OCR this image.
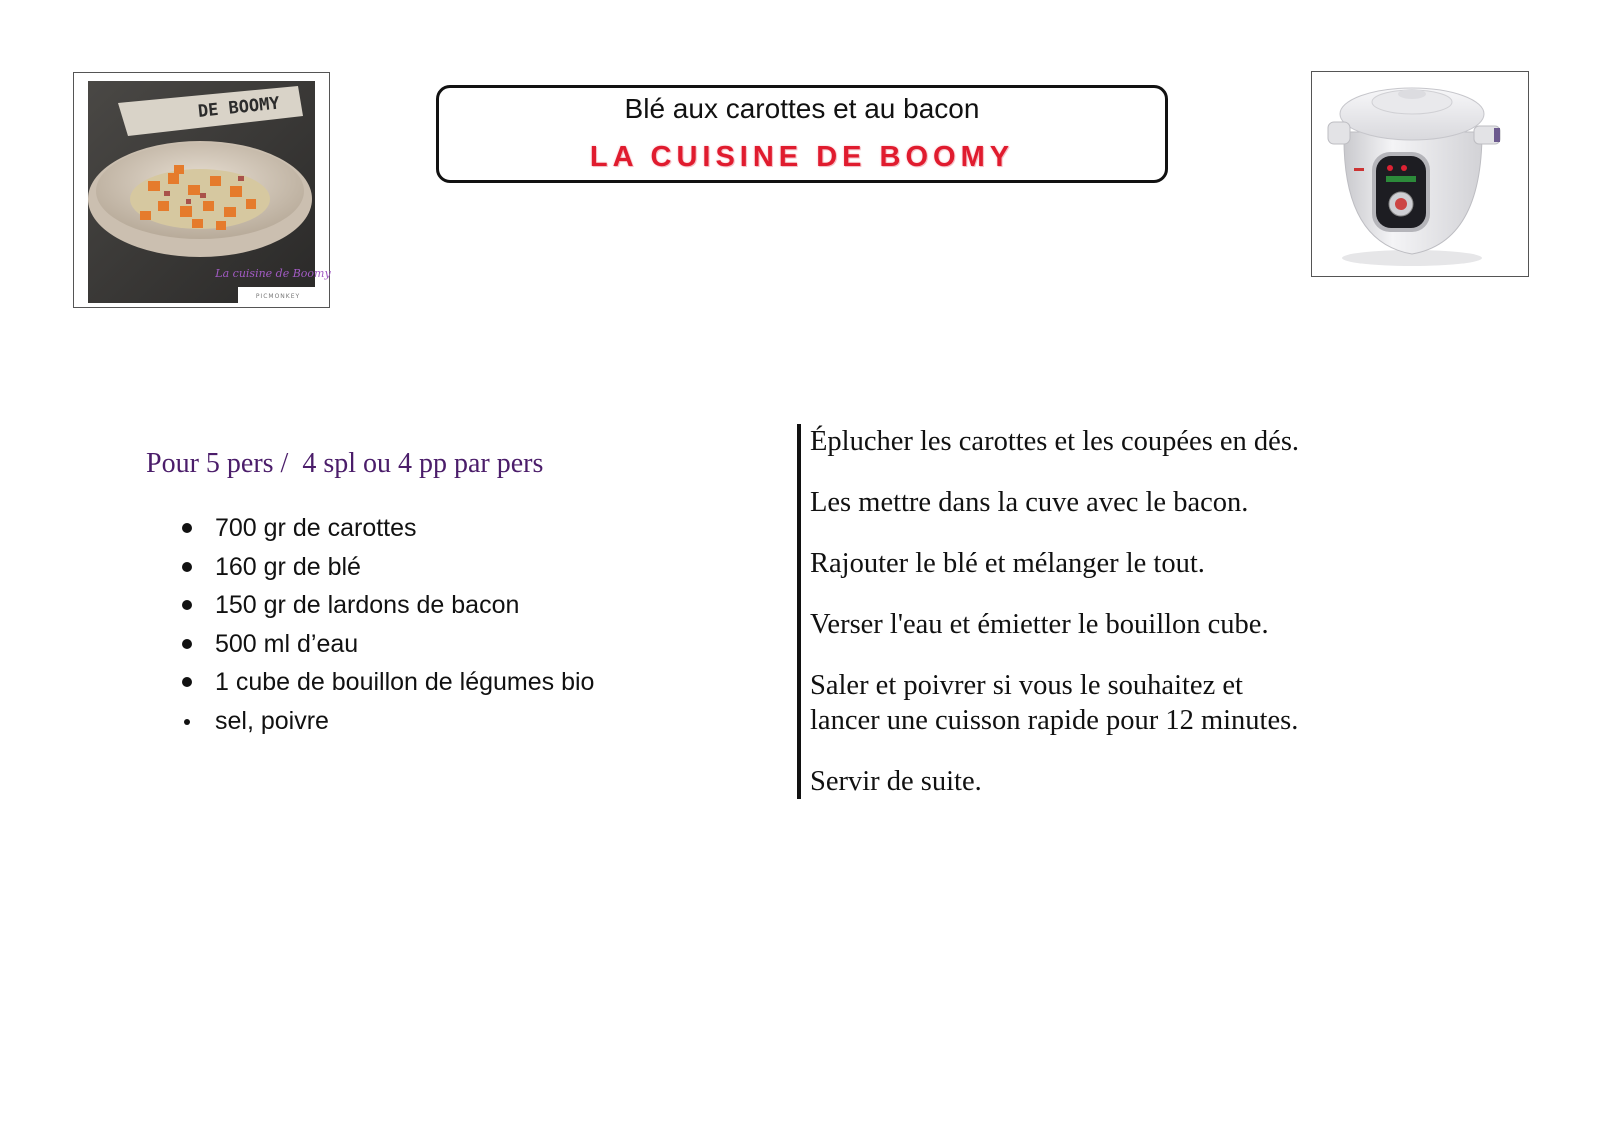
DE BOOMY
La cuisine de Boomy
PICMONKEY
Blé aux carottes et au bacon
LA CUISINE DE BOOMY
Pour 5 pers /  4 spl ou 4 pp par pers
700 gr de carottes
160 gr de blé
150 gr de lardons de bacon
500 ml d’eau
1 cube de bouillon de légumes bio
sel, poivre

Éplucher les carottes et les coupées en dés.

Les mettre dans la cuve avec le bacon.

Rajouter le blé et mélanger le tout.

Verser l'eau et émietter le bouillon cube.

Saler et poivrer si vous le souhaitez et
lancer une cuisson rapide pour 12 minutes.

Servir de suite.
